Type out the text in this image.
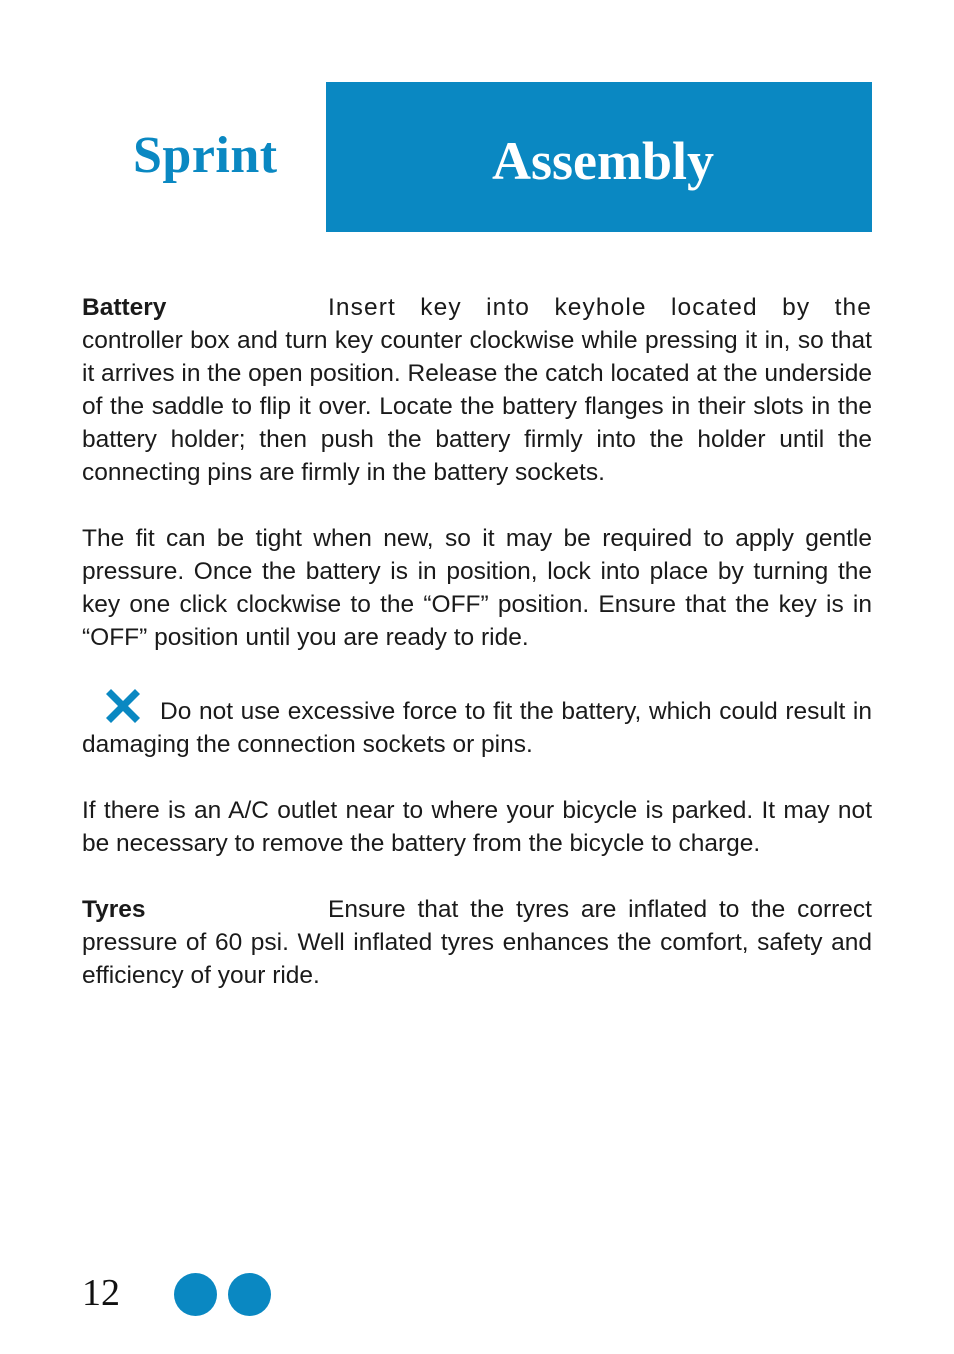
Sprint	Assembly

Battery	Insert key into keyhole located by the controller box and turn key counter clockwise while pressing it in, so that it arrives in the open position. Release the catch located at the underside of the saddle to flip it over. Locate the battery flanges in their slots in the battery holder; then push the battery firmly into the holder until the connecting pins are firmly in the battery sockets.

The fit can be tight when new, so it may be required to apply gentle pressure. Once the battery is in position, lock into place by turning the key one click clockwise to the “OFF” position. Ensure that the key is in “OFF” position until you are ready to ride.

Do not use excessive force to fit the battery, which could result in damaging the connection sockets or pins.

If there is an A/C outlet near to where your bicycle is parked. It may not be necessary to remove the battery from the bicycle to charge.

Tyres	Ensure that the tyres are inflated to the correct pressure of 60 psi. Well inflated tyres enhances the comfort, safety and efficiency of your ride.

12
